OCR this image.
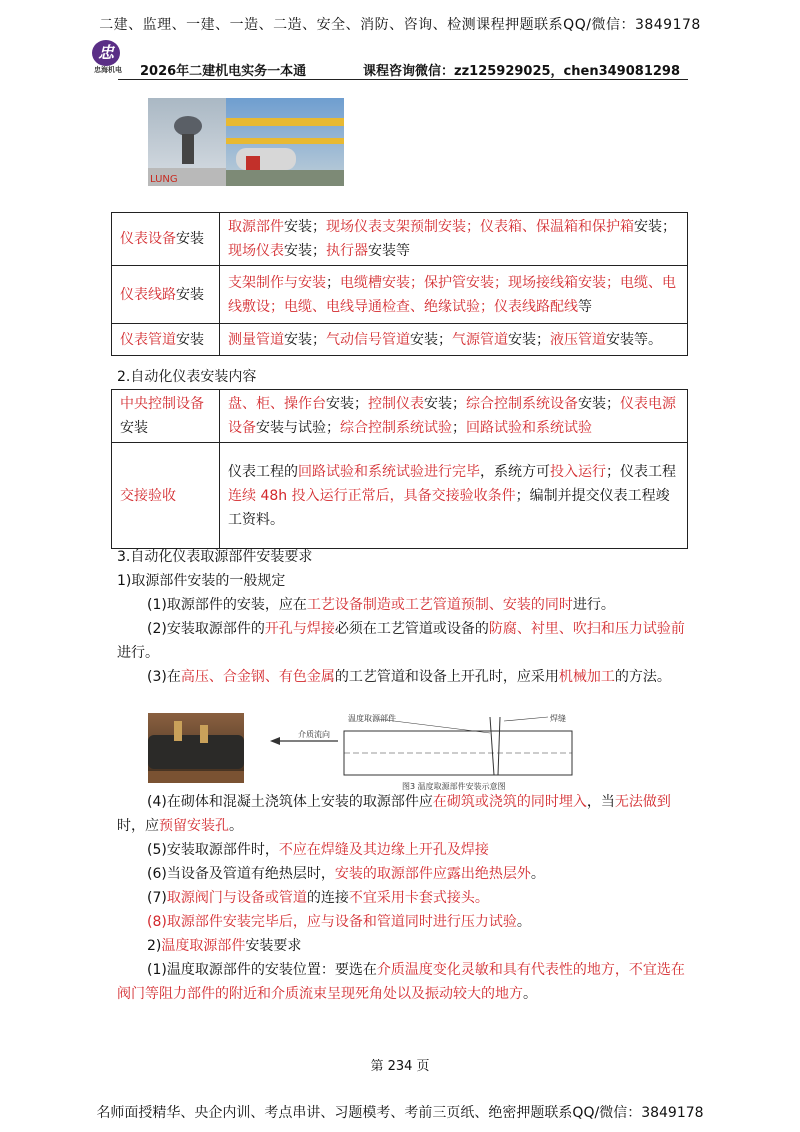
二建、监理、一建、一造、二造、安全、消防、咨询、检测课程押题联系QQ/微信：3849178
忠
忠海机电	2026年二建机电实务一本通	课程咨询微信：zz125929025，chen349081298
LUNG
仪表设备安装	取源部件安装；现场仪表支架预制安装；仪表箱、保温箱和保护箱安装；现场仪表安装；执行器安装等
仪表线路安装	支架制作与安装；电缆槽安装；保护管安装；现场接线箱安装；电缆、电线敷设；电缆、电线导通检查、绝缘试验；仪表线路配线等
仪表管道安装	测量管道安装；气动信号管道安装；气源管道安装；液压管道安装等。
2.自动化仪表安装内容
中央控制设备
安装	盘、柜、操作台安装；控制仪表安装；综合控制系统设备安装；仪表电源设备安装与试验；综合控制系统试验；回路试验和系统试验
交接验收	仪表工程的回路试验和系统试验进行完毕，系统方可投入运行；仪表工程连续 48h 投入运行正常后，具备交接验收条件；编制并提交仪表工程竣工资料。
3.自动化仪表取源部件安装要求
1)取源部件安装的一般规定
(1)取源部件的安装，应在工艺设备制造或工艺管道预制、安装的同时进行。
(2)安装取源部件的开孔与焊接必须在工艺管道或设备的防腐、衬里、吹扫和压力试验前进行。
(3)在高压、合金钢、有色金属的工艺管道和设备上开孔时，应采用机械加工的方法。
温度取源部件	焊缝
介质流向
图3 温度取源部件安装示意图
(4)在砌体和混凝土浇筑体上安装的取源部件应在砌筑或浇筑的同时埋入，当无法做到时，应预留安装孔。
(5)安装取源部件时，不应在焊缝及其边缘上开孔及焊接
(6)当设备及管道有绝热层时，安装的取源部件应露出绝热层外。
(7)取源阀门与设备或管道的连接不宜采用卡套式接头。
(8)取源部件安装完毕后，应与设备和管道同时进行压力试验。
2)温度取源部件安装要求
(1)温度取源部件的安装位置：要选在介质温度变化灵敏和具有代表性的地方，不宜选在阀门等阻力部件的附近和介质流束呈现死角处以及振动较大的地方。
第 234 页
名师面授精华、央企内训、考点串讲、习题模考、考前三页纸、绝密押题联系QQ/微信：3849178
